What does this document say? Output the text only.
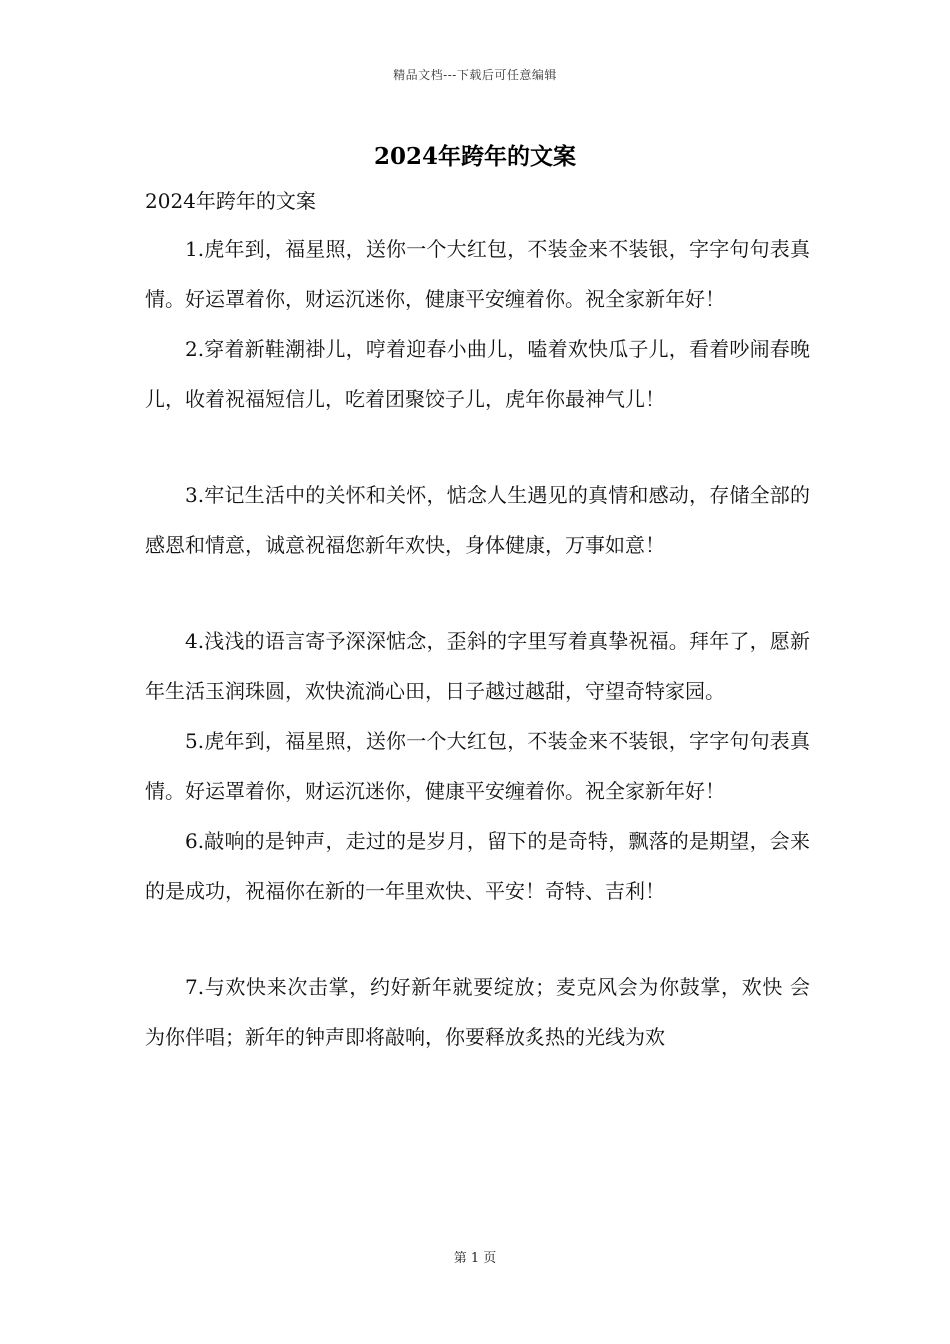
精品文档---下载后可任意编辑
2024年跨年的文案

2024年跨年的文案

1.虎年到，福星照，送你一个大红包，不装金来不装银，字字句句表真情。好运罩着你，财运沉迷你，健康平安缠着你。祝全家新年好！

2.穿着新鞋潮褂儿，哼着迎春小曲儿，嗑着欢快瓜子儿，看着吵闹春晚儿，收着祝福短信儿，吃着团聚饺子儿，虎年你最神气儿！

3.牢记生活中的关怀和关怀，惦念人生遇见的真情和感动，存储全部的感恩和情意，诚意祝福您新年欢快，身体健康，万事如意！

4.浅浅的语言寄予深深惦念，歪斜的字里写着真挚祝福。拜年了，愿新年生活玉润珠圆，欢快流淌心田，日子越过越甜，守望奇特家园。

5.虎年到，福星照，送你一个大红包，不装金来不装银，字字句句表真情。好运罩着你，财运沉迷你，健康平安缠着你。祝全家新年好！

6.敲响的是钟声，走过的是岁月，留下的是奇特，飘落的是期望，会来的是成功，祝福你在新的一年里欢快、平安！奇特、吉利！

7.与欢快来次击掌，约好新年就要绽放；麦克风会为你鼓掌，欢快 会为你伴唱；新年的钟声即将敲响，你要释放炙热的光线为欢

第 1 页
